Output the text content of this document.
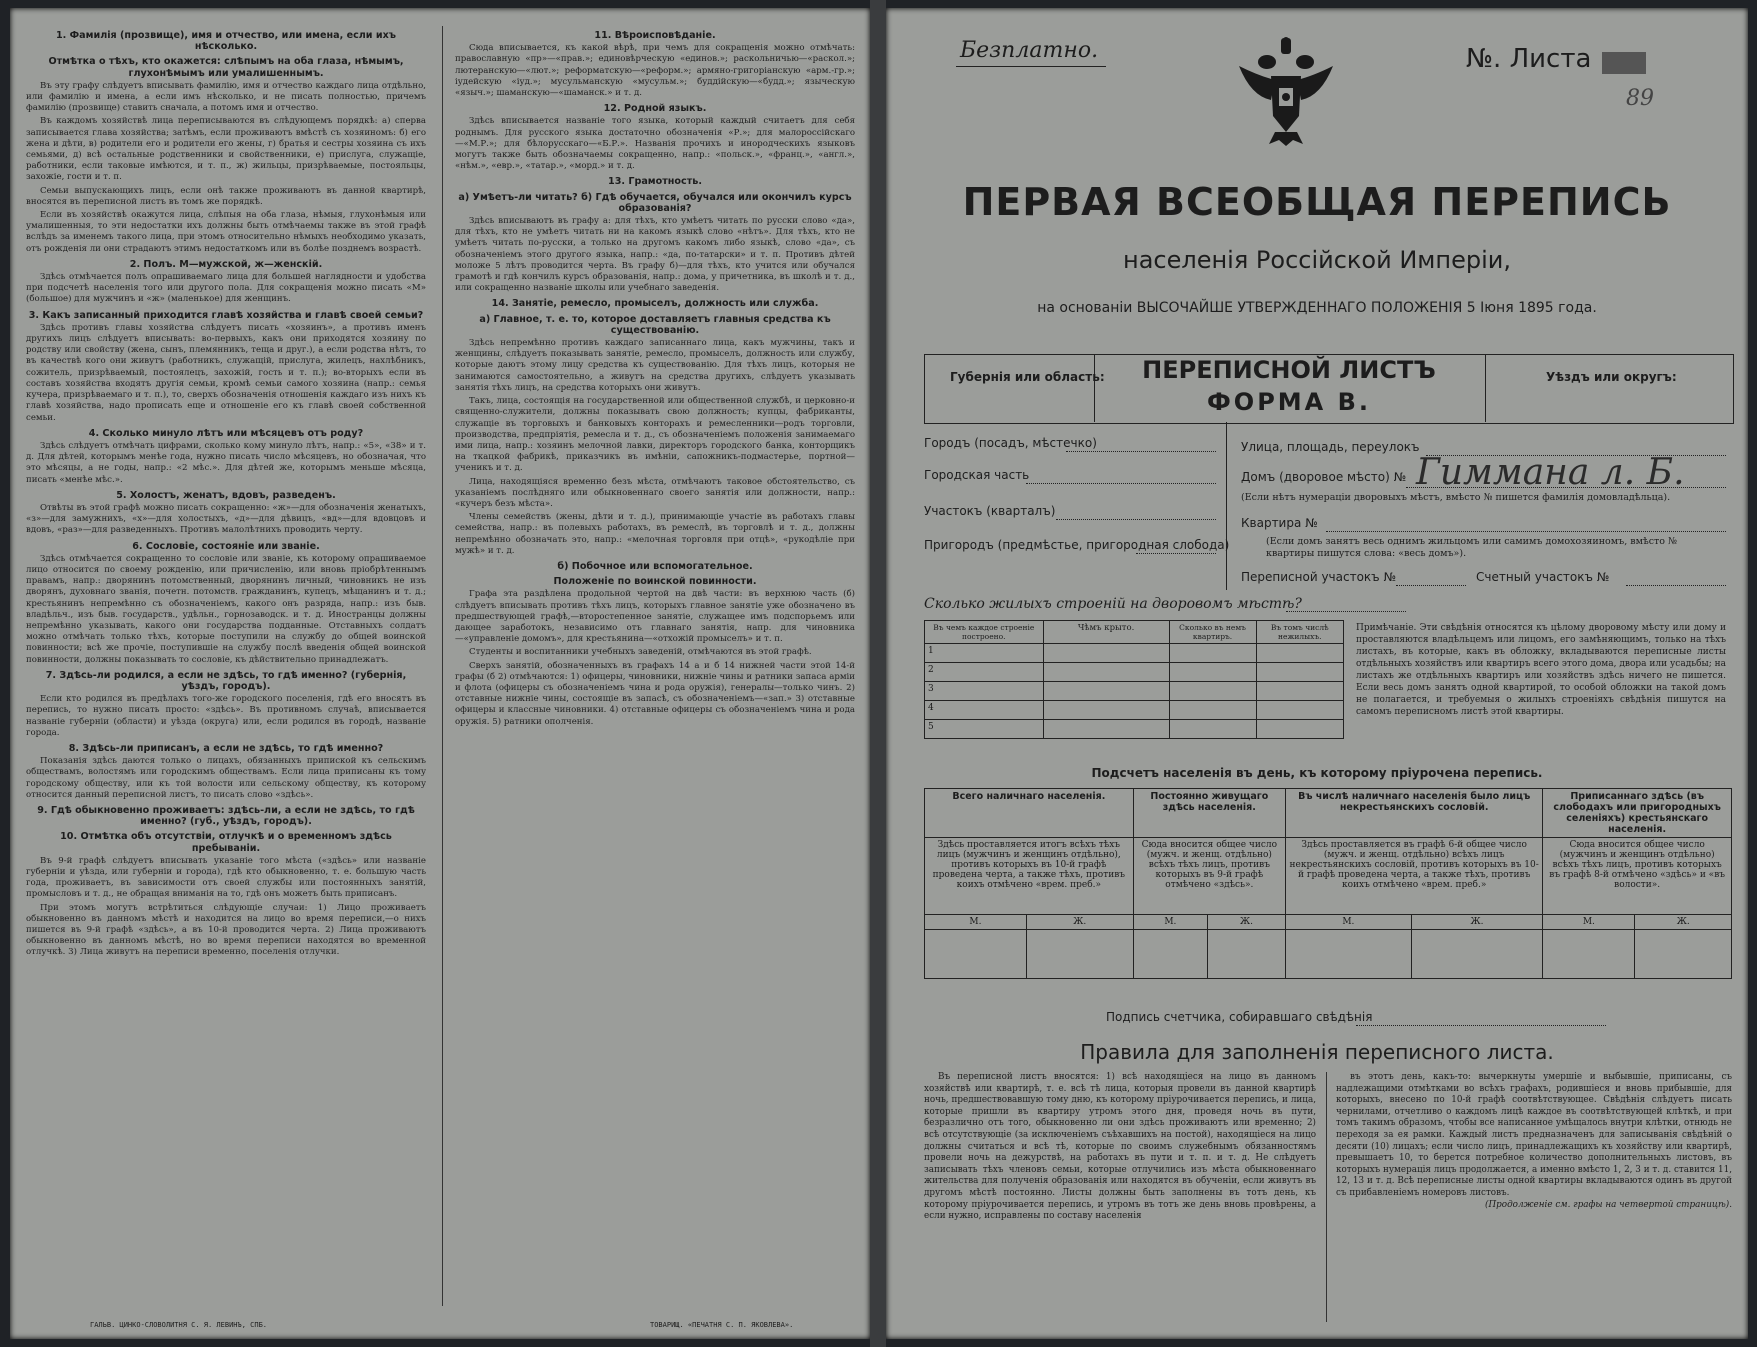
1. Фамилія (прозвище), имя и отчество, или имена, если ихъ нѣсколько.
Отмѣтка о тѣхъ, кто окажется: слѣпымъ на оба глаза, нѣмымъ, глухонѣмымъ или умалишеннымъ.

Въ эту графу слѣдуетъ вписывать фамилію, имя и отчество каждаго лица отдѣльно, или фамилію и имена, а если имъ нѣсколько, и не писать полностью, причемъ фамилію (прозвище) ставить сначала, а потомъ имя и отчество.

Въ каждомъ хозяйствѣ лица переписываются въ слѣдующемъ порядкѣ: а) сперва записывается глава хозяйства; затѣмъ, если проживаютъ вмѣстѣ съ хозяиномъ: б) его жена и дѣти, в) родители его и родители его жены, г) братья и сестры хозяина съ ихъ семьями, д) всѣ остальные родственники и свойственники, е) прислуга, служащіе, работники, если таковые имѣются, и т. п., ж) жильцы, призрѣваемые, постояльцы, захожіе, гости и т. п.

Семьи выпускающихъ лицъ, если онѣ также проживаютъ въ данной квартирѣ, вносятся въ переписной листъ въ томъ же порядкѣ.

Если въ хозяйствѣ окажутся лица, слѣпыя на оба глаза, нѣмыя, глухонѣмыя или умалишенныя, то эти недостатки ихъ должны быть отмѣчаемы также въ этой графѣ вслѣдъ за именемъ такого лица, при этомъ относительно нѣмыхъ необходимо указать, отъ рожденія ли они страдаютъ этимъ недостаткомъ или въ болѣе позднемъ возрастѣ.

2. Полъ. М—мужской, ж—женскій.

Здѣсь отмѣчается полъ опрашиваемаго лица для большей наглядности и удобства при подсчетѣ населенія того или другого пола. Для сокращенія можно писать «М» (большое) для мужчинъ и «ж» (маленькое) для женщинъ.

3. Какъ записанный приходится главѣ хозяйства и главѣ своей семьи?

Здѣсь противъ главы хозяйства слѣдуетъ писать «хозяинъ», а противъ именъ другихъ лицъ слѣдуетъ вписывать: во-первыхъ, какъ они приходятся хозяину по родству или свойству (жена, сынъ, племянникъ, теща и друг.), а если родства нѣтъ, то въ качествѣ кого они живутъ (работникъ, служащій, прислуга, жилецъ, нахлѣбникъ, сожитель, призрѣваемый, постоялецъ, захожій, гость и т. п.); во-вторыхъ если въ составъ хозяйства входятъ другія семьи, кромѣ семьи самого хозяина (напр.: семья кучера, призрѣваемаго и т. п.), то, сверхъ обозначенія отношенія каждаго изъ нихъ къ главѣ хозяйства, надо прописать еще и отношеніе его къ главѣ своей собственной семьи.

4. Сколько минуло лѣтъ или мѣсяцевъ отъ роду?

Здѣсь слѣдуетъ отмѣчать цифрами, сколько кому минуло лѣтъ, напр.: «5», «38» и т. д. Для дѣтей, которымъ менѣе года, нужно писать число мѣсяцевъ, но обозначая, что это мѣсяцы, а не годы, напр.: «2 мѣс.». Для дѣтей же, которымъ меньше мѣсяца, писать «менѣе мѣс.».

5. Холостъ, женатъ, вдовъ, разведенъ.

Отвѣты въ этой графѣ можно писать сокращенно: «ж»—для обозначенія женатыхъ, «з»—для замужнихъ, «х»—для холостыхъ, «д»—для дѣвицъ, «вд»—для вдовцовъ и вдовъ, «раз»—для разведенныхъ. Противъ малолѣтнихъ проводить черту.

6. Сословіе, состояніе или званіе.

Здѣсь отмѣчается сокращенно то сословіе или званіе, къ которому опрашиваемое лицо относится по своему рожденію, или причисленію, или вновь пріобрѣтеннымъ правамъ, напр.: дворянинъ потомственный, дворянинъ личный, чиновникъ не изъ дворянъ, духовнаго званія, почетн. потомств. гражданинъ, купецъ, мѣщанинъ и т. д.; крестьянинъ непремѣнно съ обозначеніемъ, какого онъ разряда, напр.: изъ быв. владѣльч., изъ быв. государств., удѣльн., горнозаводск. и т. д. Иностранцы должны непремѣнно указывать, какого они государства подданные. Отставныхъ солдатъ можно отмѣчать только тѣхъ, которые поступили на службу до общей воинской повинности; всѣ же прочіе, поступившіе на службу послѣ введенія общей воинской повинности, должны показывать то сословіе, къ дѣйствительно принадлежатъ.

7. Здѣсь-ли родился, а если не здѣсь, то гдѣ именно? (губернія, уѣздъ, городъ).

Если кто родился въ предѣлахъ того-же городского поселенія, гдѣ его вносятъ въ перепись, то нужно писать просто: «здѣсь». Въ противномъ случаѣ, вписывается названіе губерніи (области) и уѣзда (округа) или, если родился въ городѣ, названіе города.

8. Здѣсь-ли приписанъ, а если не здѣсь, то гдѣ именно?

Показанія здѣсь даются только о лицахъ, обязанныхъ припиской къ сельскимъ обществамъ, волостямъ или городскимъ обществамъ. Если лица приписаны къ тому городскому обществу, или къ той волости или сельскому обществу, къ которому относится данный переписной листъ, то писать слово «здѣсь».

9. Гдѣ обыкновенно проживаетъ: здѣсь-ли, а если не здѣсь, то гдѣ именно? (губ., уѣздъ, городъ).
10. Отмѣтка объ отсутствіи, отлучкѣ и о временномъ здѣсь пребываніи.

Въ 9-й графѣ слѣдуетъ вписывать указаніе того мѣста («здѣсь» или названіе губерніи и уѣзда, или губерніи и города), гдѣ кто обыкновенно, т. е. большую часть года, проживаетъ, въ зависимости отъ своей службы или постоянныхъ занятій, промысловъ и т. д., не обращая вниманія на то, гдѣ онъ можетъ быть приписанъ.

При этомъ могутъ встрѣтиться слѣдующіе случаи: 1) Лицо проживаетъ обыкновенно въ данномъ мѣстѣ и находится на лицо во время переписи,—о нихъ пишется въ 9-й графѣ «здѣсь», а въ 10-й проводится черта. 2) Лица проживаютъ обыкновенно въ данномъ мѣстѣ, но во время переписи находятся во временной отлучкѣ. 3) Лица живутъ на переписи временно, поселенія отлучки.

11. Вѣроисповѣданіе.

Сюда вписывается, къ какой вѣрѣ, при чемъ для сокращенія можно отмѣчать: православную «пр»—«прав.»; единовѣрческую «единов.»; раскольничью—«раскол.»; лютеранскую—«лют.»; реформатскую—«реформ.»; армяно-григоріанскую «арм.-гр.»; іудейскую «іуд.»; мусульманскую «мусульм.»; буддійскую—«будд.»; языческую «языч.»; шаманскую—«шаманск.» и т. д.

12. Родной языкъ.

Здѣсь вписывается названіе того языка, который каждый считаетъ для себя роднымъ. Для русского языка достаточно обозначенія «Р.»; для малороссійскаго—«М.Р.»; для бѣлорусскаго—«Б.Р.». Названія прочихъ и инородческихъ языковъ могутъ также быть обозначаемы сокращенно, напр.: «польск.», «франц.», «англ.», «нѣм.», «евр.», «татар.», «морд.» и т. д.

13. Грамотность.
а) Умѣетъ-ли читать? б) Гдѣ обучается, обучался или окончилъ курсъ образованія?

Здѣсь вписываютъ въ графу а: для тѣхъ, кто умѣетъ читать по русски слово «да», для тѣхъ, кто не умѣетъ читать ни на какомъ языкѣ слово «нѣтъ». Для тѣхъ, кто не умѣетъ читать по-русски, а только на другомъ какомъ либо языкѣ, слово «да», съ обозначеніемъ этого другого языка, напр.: «да, по-татарски» и т. п. Противъ дѣтей моложе 5 лѣтъ проводится черта. Въ графу б)—для тѣхъ, кто учится или обучался грамотѣ и гдѣ кончилъ курсъ образованія, напр.: дома, у причетника, въ школѣ и т. д., или сокращенно названіе школы или учебнаго заведенія.

14. Занятіе, ремесло, промыселъ, должность или служба.
а) Главное, т. е. то, которое доставляетъ главныя средства къ существованію.

Здѣсь непремѣнно противъ каждаго записаннаго лица, какъ мужчины, такъ и женщины, слѣдуетъ показывать занятіе, ремесло, промыселъ, должность или службу, которые даютъ этому лицу средства къ существованію. Для тѣхъ лицъ, которыя не занимаются самостоятельно, а живутъ на средства другихъ, слѣдуетъ указывать занятія тѣхъ лицъ, на средства которыхъ они живутъ.

Такъ, лица, состоящія на государственной или общественной службѣ, и церковно-и священно-служители, должны показывать свою должность; купцы, фабриканты, служащіе въ торговыхъ и банковыхъ конторахъ и ремесленники—родъ торговли, производства, предпріятія, ремесла и т. д., съ обозначеніемъ положенія занимаемаго ими лица, напр.: хозяинъ мелочной лавки, директоръ городского банка, конторщикъ на ткацкой фабрикѣ, приказчикъ въ имѣніи, сапожникъ-подмастерье, портной—ученикъ и т. д.

Лица, находящіяся временно безъ мѣста, отмѣчаютъ таковое обстоятельство, съ указаніемъ послѣдняго или обыкновеннаго своего занятія или должности, напр.: «кучеръ безъ мѣста».

Члены семействъ (жены, дѣти и т. д.), принимающіе участіе въ работахъ главы семейства, напр.: въ полевыхъ работахъ, въ ремеслѣ, въ торговлѣ и т. д., должны непремѣнно обозначать это, напр.: «мелочная торговля при отцѣ», «рукодѣліе при мужѣ» и т. д.

б) Побочное или вспомогательное.
Положеніе по воинской повинности.

Графа эта раздѣлена продольной чертой на двѣ части: въ верхнюю часть (б) слѣдуетъ вписывать противъ тѣхъ лицъ, которыхъ главное занятіе уже обозначено въ предшествующей графѣ,—второстепенное занятіе, служащее имъ подспорьемъ или дающее заработокъ, независимо отъ главнаго занятія, напр. для чиновника—«управленіе домомъ», для крестьянина—«отхожій промыселъ» и т. п.

Студенты и воспитанники учебныхъ заведеній, отмѣчаются въ этой графѣ.

Сверхъ занятій, обозначенныхъ въ графахъ 14 а и б 14 нижней части этой 14-й графы (б 2) отмѣчаются: 1) офицеры, чиновники, нижніе чины и ратники запаса арміи и флота (офицеры съ обозначеніемъ чина и рода оружія), генералы—только чинъ. 2) отставные нижніе чины, состоящіе въ запасѣ, съ обозначеніемъ—«зап.» 3) отставные офицеры и классные чиновники. 4) отставные офицеры съ обозначеніемъ чина и рода оружія. 5) ратники ополченія.

ГАЛЬВ. ЦИНКО-СЛОВОЛИТНЯ С. Я. ЛЕВИНЪ, СПБ.	ТОВАРИЩ. «ПЕЧАТНЯ С. П. ЯКОВЛЕВА».
Безплатно.	№. Листа
89
ПЕРВАЯ ВСЕОБЩАЯ ПЕРЕПИСЬ
населенія Россійской Имперіи,
на основаніи ВЫСОЧАЙШЕ УТВЕРЖДЕННАГО ПОЛОЖЕНІЯ 5 Іюня 1895 года.
Губернія или область:	ПЕРЕПИСНОЙ ЛИСТЪ
ФОРМА В.
Уѣздъ или округъ:
Городъ (посадъ, мѣстечко)
Городская часть
Участокъ (кварталъ)
Пригородъ (предмѣстье, пригородная слобода)
Улица, площадь, переулокъ
Домъ (дворовое мѣсто) № Гиммана л. Б.
(Если нѣтъ нумераціи дворовыхъ мѣстъ, вмѣсто № пишется фамилія домовладѣльца).
Квартира №
(Если домъ занятъ весь однимъ жильцомъ или самимъ домохозяиномъ, вмѣсто № квартиры пишутся слова: «весь домъ»).
Переписной участокъ №	Счетный участокъ №
Сколько жилыхъ строеній на дворовомъ мѣстѣ?
Въ чемъ каждое строеніе построено.	Чѣмъ крыто.	Сколько въ немъ квартиръ.	Въ томъ числѣ нежилыхъ.
1			
2			
3			
4			
5			
Примѣчаніе. Эти свѣдѣнія относятся къ цѣлому дворовому мѣсту или дому и проставляются владѣльцемъ или лицомъ, его замѣняющимъ, только на тѣхъ листахъ, въ которые, какъ въ обложку, вкладываются переписные листы отдѣльныхъ хозяйствъ или квартиръ всего этого дома, двора или усадьбы; на листахъ же отдѣльныхъ квартиръ или хозяйствъ здѣсь ничего не пишется. Если весь домъ занятъ одной квартирой, то особой обложки на такой домъ не полагается, и требуемыя о жилыхъ строеніяхъ свѣдѣнія пишутся на самомъ переписномъ листѣ этой квартиры.
Подсчетъ населенія въ день, къ которому пріурочена перепись.
Всего наличнаго населенія.		Постоянно живущаго здѣсь населенія.		Въ числѣ наличнаго населенія было лицъ некрестьянскихъ сословій.		Приписаннаго здѣсь (въ слободахъ или пригородныхъ селеніяхъ) крестьянскаго населенія.	
Здѣсь проставляется итогъ всѣхъ тѣхъ лицъ (мужчинъ и женщинъ отдѣльно), противъ которыхъ въ 10-й графѣ проведена черта, а также тѣхъ, противъ коихъ отмѣчено «врем. преб.»		Сюда вносится общее число (мужч. и женщ. отдѣльно) всѣхъ тѣхъ лицъ, противъ которыхъ въ 9-й графѣ отмѣчено «здѣсь».		Здѣсь проставляется въ графѣ 6-й общее число (мужч. и женщ. отдѣльно) всѣхъ лицъ некрестьянскихъ сословій, противъ которыхъ въ 10-й графѣ проведена черта, а также тѣхъ, противъ коихъ отмѣчено «врем. преб.»		Сюда вносится общее число (мужчинъ и женщинъ отдѣльно) всѣхъ тѣхъ лицъ, противъ которыхъ въ графѣ 8-й отмѣчено «здѣсь» и «въ волости».	
М.	Ж.	М.	Ж.	М.	Ж.	М.	Ж.

Подпись счетчика, собиравшаго свѣдѣнія
Правила для заполненія переписного листа.

Въ переписной листъ вносятся: 1) всѣ находящіеся на лицо въ данномъ хозяйствѣ или квартирѣ, т. е. всѣ тѣ лица, которыя провели въ данной квартирѣ ночь, предшествовавшую тому дню, къ которому пріурочивается перепись, и лица, которые пришли въ квартиру утромъ этого дня, проведя ночь въ пути, безразлично отъ того, обыкновенно ли они здѣсь проживаютъ или временно; 2) всѣ отсутствующіе (за исключеніемъ съѣхавшихъ на постой), находящіеся на лицо должны считаться и всѣ тѣ, которые по своимъ служебнымъ обязанностямъ провели ночь на дежурствѣ, на работахъ въ пути и т. п. и т. д. Не слѣдуетъ записывать тѣхъ членовъ семьи, которые отлучились изъ мѣста обыкновеннаго жительства для полученія образованія или находятся въ обученіи, если живутъ въ другомъ мѣстѣ постоянно. Листы должны быть заполнены въ тотъ день, къ которому пріурочивается перепись, и утромъ въ тотъ же день вновь провѣрены, а если нужно, исправлены по составу населенія

въ этотъ день, какъ-то: вычеркнуты умершіе и выбывшіе, приписаны, съ надлежащими отмѣтками во всѣхъ графахъ, родившіеся и вновь прибывшіе, для которыхъ, внесено по 10-й графѣ соотвѣтствующее. Свѣдѣнія слѣдуетъ писать чернилами, отчетливо о каждомъ лицѣ каждое въ соотвѣтствующей клѣткѣ, и при томъ такимъ образомъ, чтобы все написанное умѣщалось внутри клѣтки, отнюдь не переходя за ея рамки. Каждый листъ предназначенъ для записыванія свѣдѣній о десяти (10) лицахъ; если число лицъ, принадлежащихъ къ хозяйству или квартирѣ, превышаетъ 10, то берется потребное количество дополнительныхъ листовъ, въ которыхъ нумерація лицъ продолжается, а именно вмѣсто 1, 2, 3 и т. д. ставится 11, 12, 13 и т. д. Всѣ переписные листы одной квартиры вкладываются одинъ въ другой съ прибавленіемъ номеровъ листовъ.

(Продолженіе см. графы на четвертой страницѣ).
